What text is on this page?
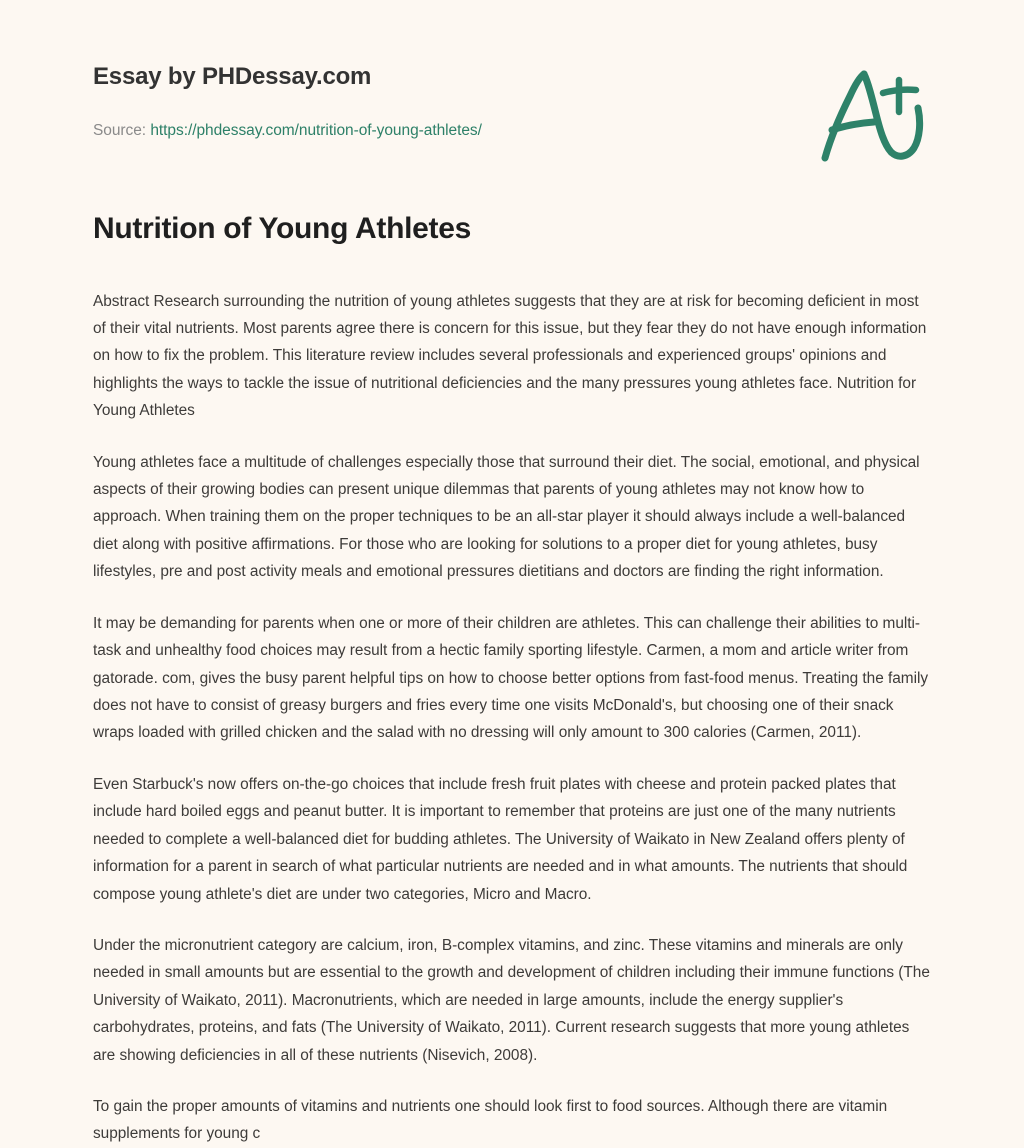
Essay by PHDessay.com
Source: https://phdessay.com/nutrition-of-young-athletes/
Nutrition of Young Athletes

Abstract Research surrounding the nutrition of young athletes suggests that they are at risk for becoming deficient in most of their vital nutrients. Most parents agree there is concern for this issue, but they fear they do not have enough information on how to fix the problem. This literature review includes several professionals and experienced groups' opinions and highlights the ways to tackle the issue of nutritional deficiencies and the many pressures young athletes face. Nutrition for Young Athletes

Young athletes face a multitude of challenges especially those that surround their diet. The social, emotional, and physical aspects of their growing bodies can present unique dilemmas that parents of young athletes may not know how to approach. When training them on the proper techniques to be an all-star player it should always include a well-balanced diet along with positive affirmations. For those who are looking for solutions to a proper diet for young athletes, busy lifestyles, pre and post activity meals and emotional pressures dietitians and doctors are finding the right information.

It may be demanding for parents when one or more of their children are athletes. This can challenge their abilities to multi-task and unhealthy food choices may result from a hectic family sporting lifestyle. Carmen, a mom and article writer from gatorade. com, gives the busy parent helpful tips on how to choose better options from fast-food menus. Treating the family does not have to consist of greasy burgers and fries every time one visits McDonald's, but choosing one of their snack wraps loaded with grilled chicken and the salad with no dressing will only amount to 300 calories (Carmen, 2011).

Even Starbuck's now offers on-the-go choices that include fresh fruit plates with cheese and protein packed plates that include hard boiled eggs and peanut butter. It is important to remember that proteins are just one of the many nutrients needed to complete a well-balanced diet for budding athletes. The University of Waikato in New Zealand offers plenty of information for a parent in search of what particular nutrients are needed and in what amounts. The nutrients that should compose young athlete's diet are under two categories, Micro and Macro.

Under the micronutrient category are calcium, iron, B-complex vitamins, and zinc. These vitamins and minerals are only needed in small amounts but are essential to the growth and development of children including their immune functions (The University of Waikato, 2011). Macronutrients, which are needed in large amounts, include the energy supplier's carbohydrates, proteins, and fats (The University of Waikato, 2011). Current research suggests that more young athletes are showing deficiencies in all of these nutrients (Nisevich, 2008).

To gain the proper amounts of vitamins and nutrients one should look first to food sources. Although there are vitamin supplements for young c
